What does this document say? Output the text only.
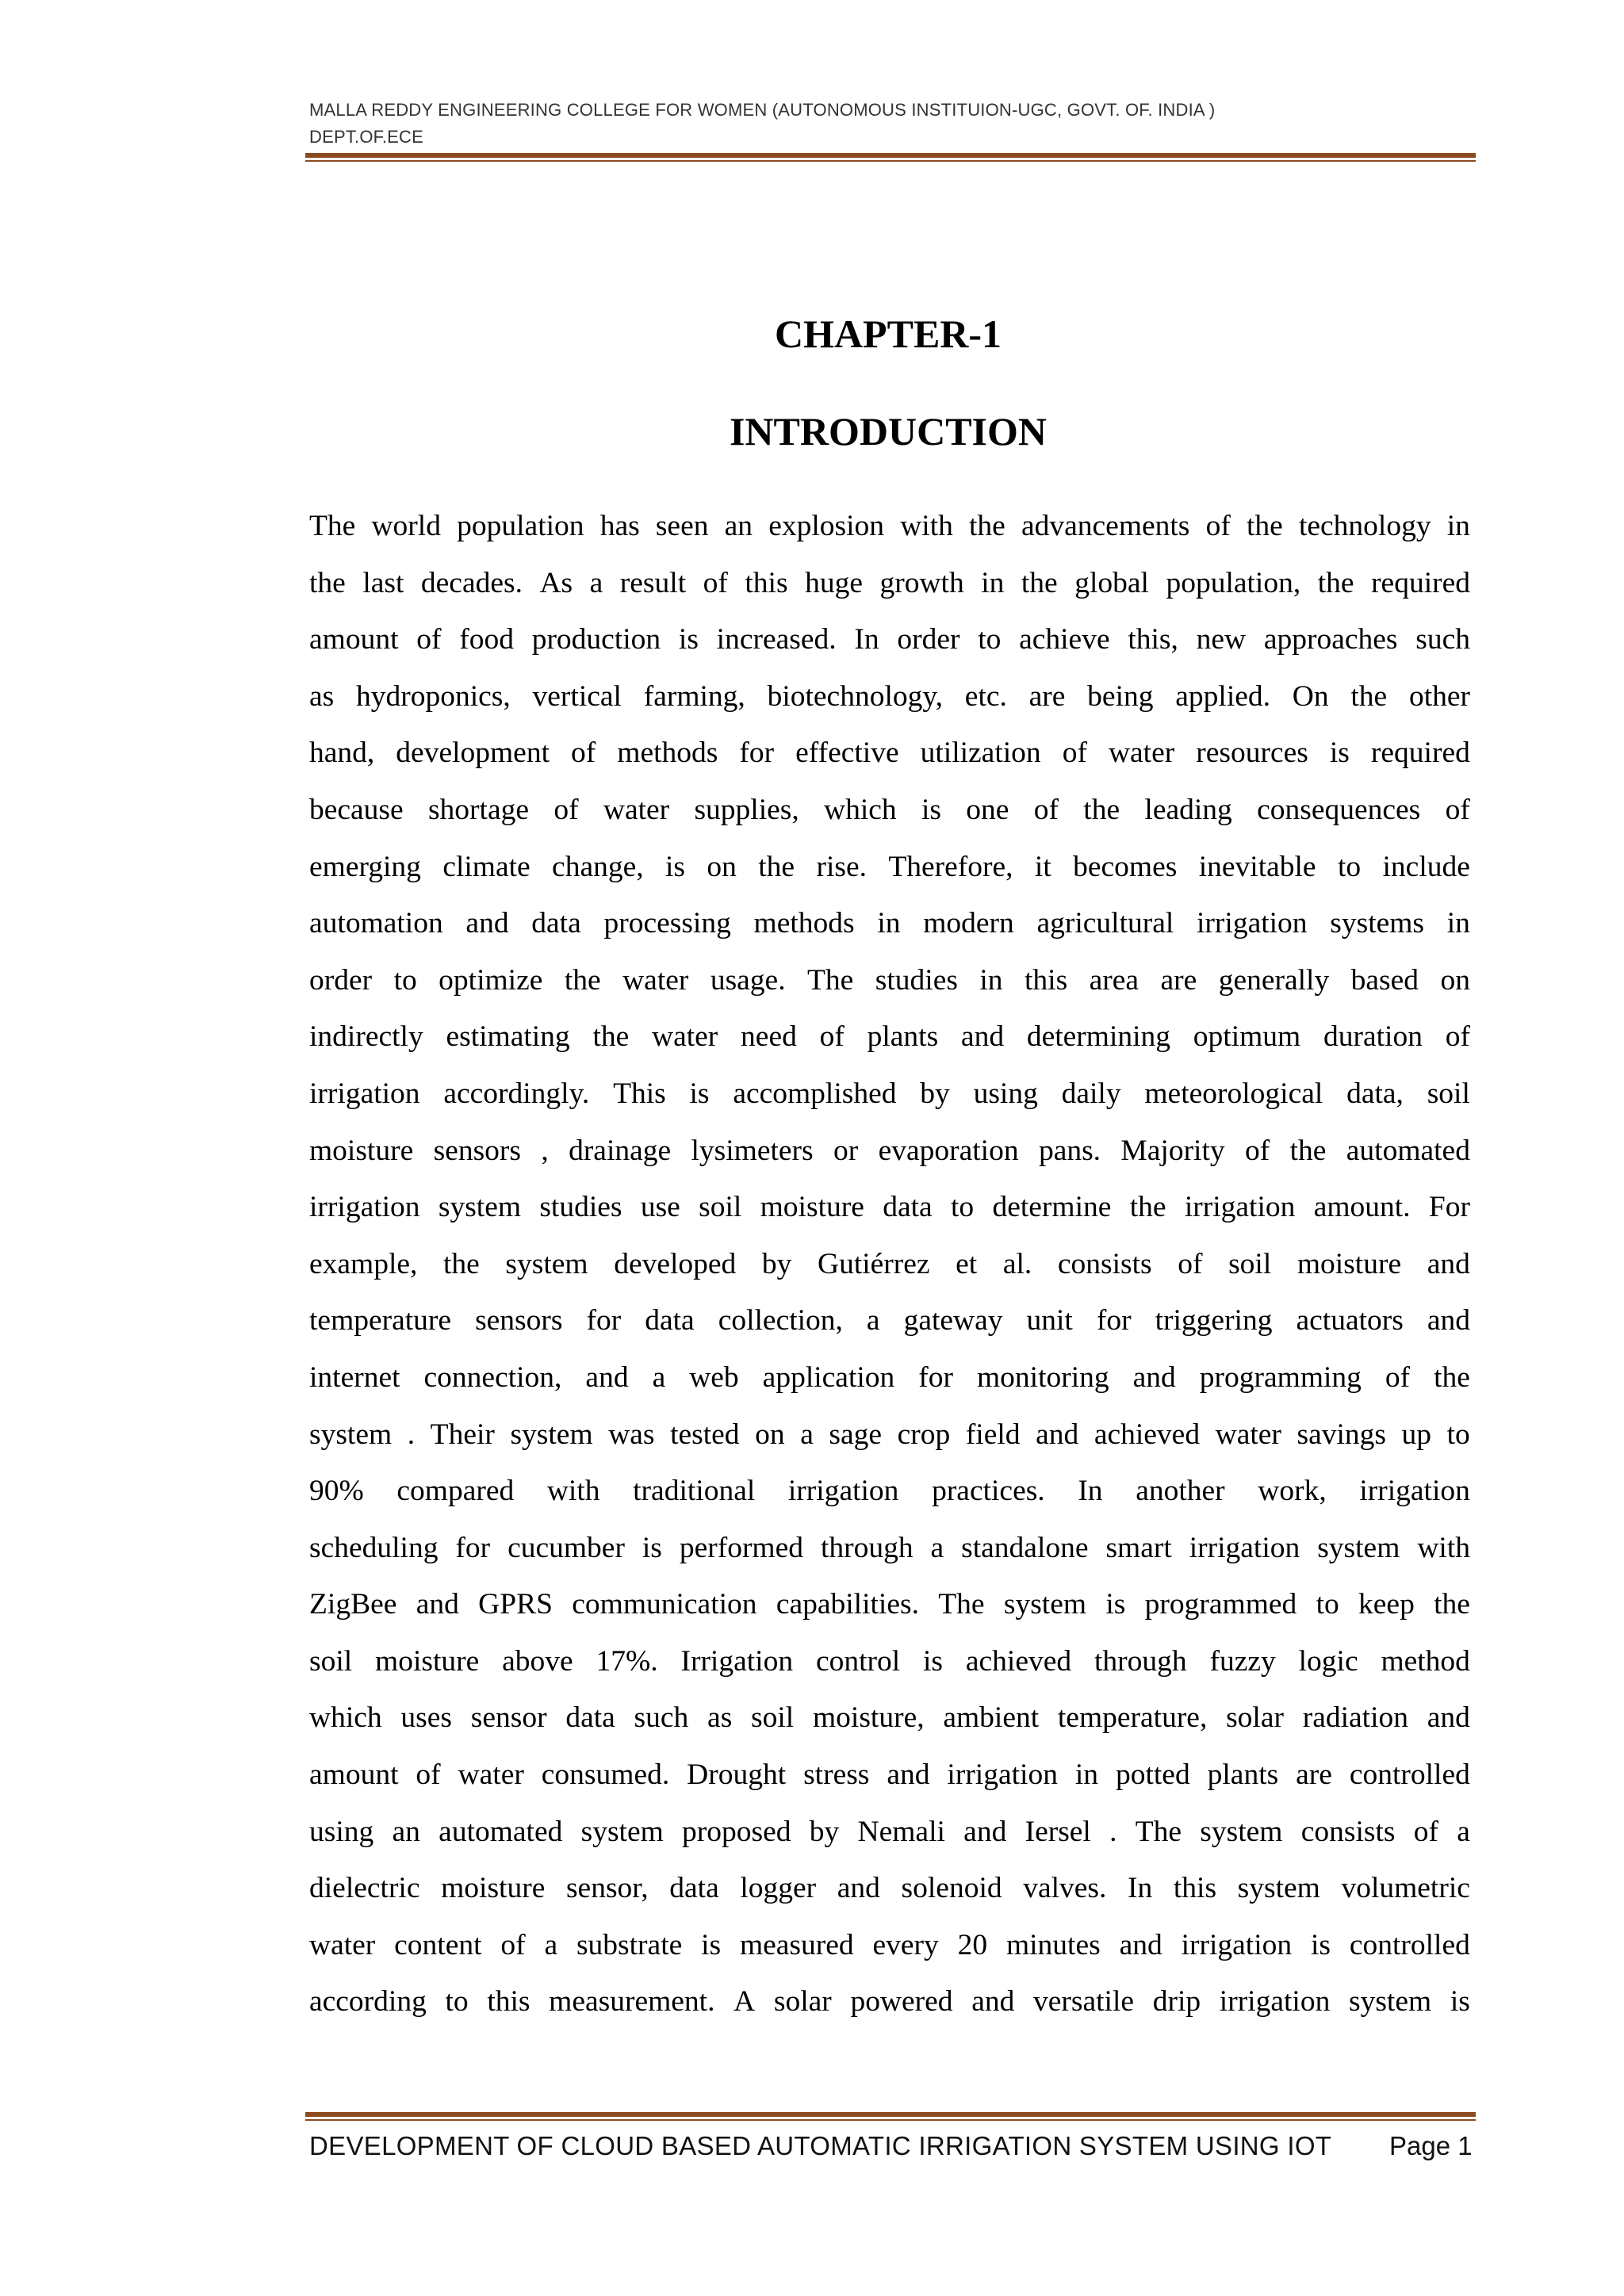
MALLA REDDY ENGINEERING COLLEGE FOR WOMEN (AUTONOMOUS INSTITUION-UGC, GOVT. OF. INDIA )
DEPT.OF.ECE
CHAPTER-1
INTRODUCTION
The world population has seen an explosion with the advancements of the technology in
the last decades. As a result of this huge growth in the global population, the required
amount of food production is increased. In order to achieve this, new approaches such
as hydroponics, vertical farming, biotechnology, etc. are being applied. On the other
hand, development of methods for effective utilization of water resources is required
because shortage of water supplies, which is one of the leading consequences of
emerging climate change, is on the rise. Therefore, it becomes inevitable to include
automation and data processing methods in modern agricultural irrigation systems in
order to optimize the water usage. The studies in this area are generally based on
indirectly estimating the water need of plants and determining optimum duration of
irrigation accordingly. This is accomplished by using daily meteorological data, soil
moisture sensors , drainage lysimeters or evaporation pans. Majority of the automated
irrigation system studies use soil moisture data to determine the irrigation amount. For
example, the system developed by Gutiérrez et al. consists of soil moisture and
temperature sensors for data collection, a gateway unit for triggering actuators and
internet connection, and a web application for monitoring and programming of the
system . Their system was tested on a sage crop field and achieved water savings up to
90% compared with traditional irrigation practices. In another work, irrigation
scheduling for cucumber is performed through a standalone smart irrigation system with
ZigBee and GPRS communication capabilities. The system is programmed to keep the
soil moisture above 17%. Irrigation control is achieved through fuzzy logic method
which uses sensor data such as soil moisture, ambient temperature, solar radiation and
amount of water consumed. Drought stress and irrigation in potted plants are controlled
using an automated system proposed by Nemali and Iersel . The system consists of a
dielectric moisture sensor, data logger and solenoid valves. In this system volumetric
water content of a substrate is measured every 20 minutes and irrigation is controlled
according to this measurement. A solar powered and versatile drip irrigation system is
DEVELOPMENT OF CLOUD BASED AUTOMATIC IRRIGATION SYSTEM USING IOT Page 1
